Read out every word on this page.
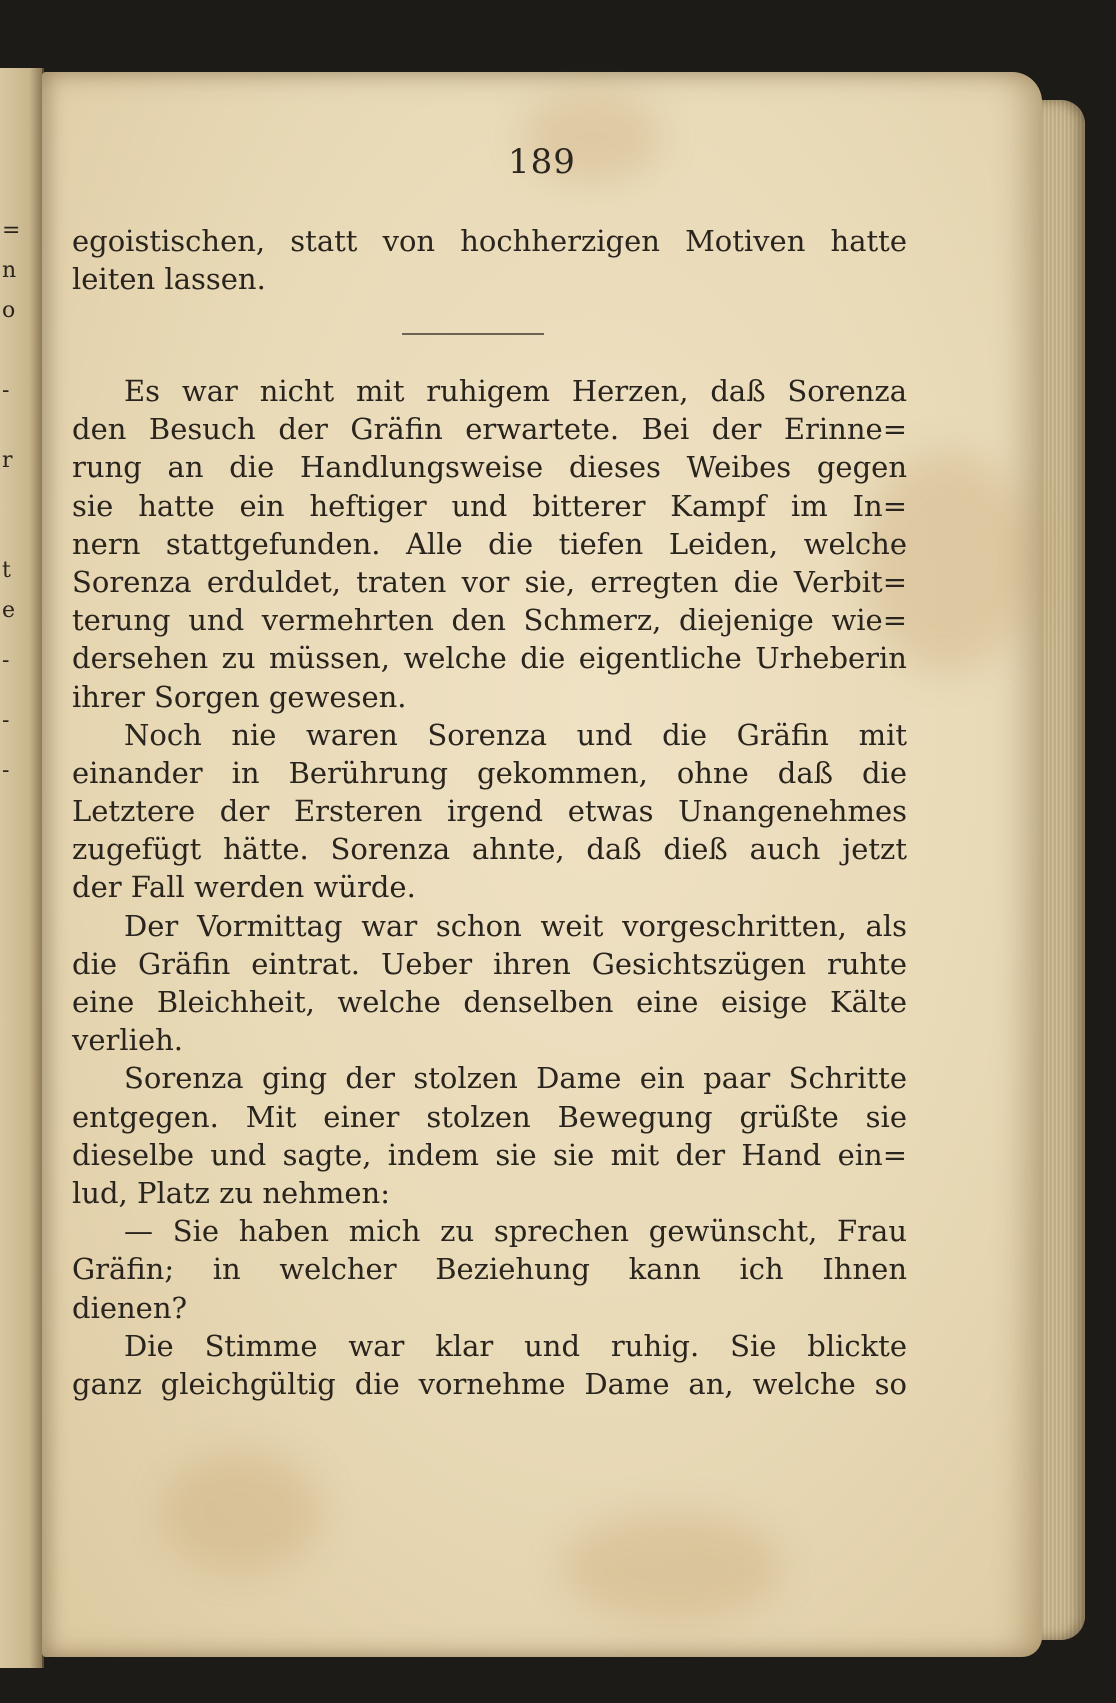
=
n
o
-
r
t
e
-
-
-
189
egoistischen, statt von hochherzigen Motiven hatte
leiten lassen.
Es war nicht mit ruhigem Herzen, daß Sorenza
den Besuch der Gräfin erwartete. Bei der Erinne=
rung an die Handlungsweise dieses Weibes gegen
sie hatte ein heftiger und bitterer Kampf im In=
nern stattgefunden. Alle die tiefen Leiden, welche
Sorenza erduldet, traten vor sie, erregten die Verbit=
terung und vermehrten den Schmerz, diejenige wie=
dersehen zu müssen, welche die eigentliche Urheberin
ihrer Sorgen gewesen.
Noch nie waren Sorenza und die Gräfin mit
einander in Berührung gekommen, ohne daß die
Letztere der Ersteren irgend etwas Unangenehmes
zugefügt hätte. Sorenza ahnte, daß dieß auch jetzt
der Fall werden würde.
Der Vormittag war schon weit vorgeschritten, als
die Gräfin eintrat. Ueber ihren Gesichtszügen ruhte
eine Bleichheit, welche denselben eine eisige Kälte
verlieh.
Sorenza ging der stolzen Dame ein paar Schritte
entgegen. Mit einer stolzen Bewegung grüßte sie
dieselbe und sagte, indem sie sie mit der Hand ein=
lud, Platz zu nehmen:
— Sie haben mich zu sprechen gewünscht, Frau
Gräfin; in welcher Beziehung kann ich Ihnen
dienen?
Die Stimme war klar und ruhig. Sie blickte
ganz gleichgültig die vornehme Dame an, welche so
